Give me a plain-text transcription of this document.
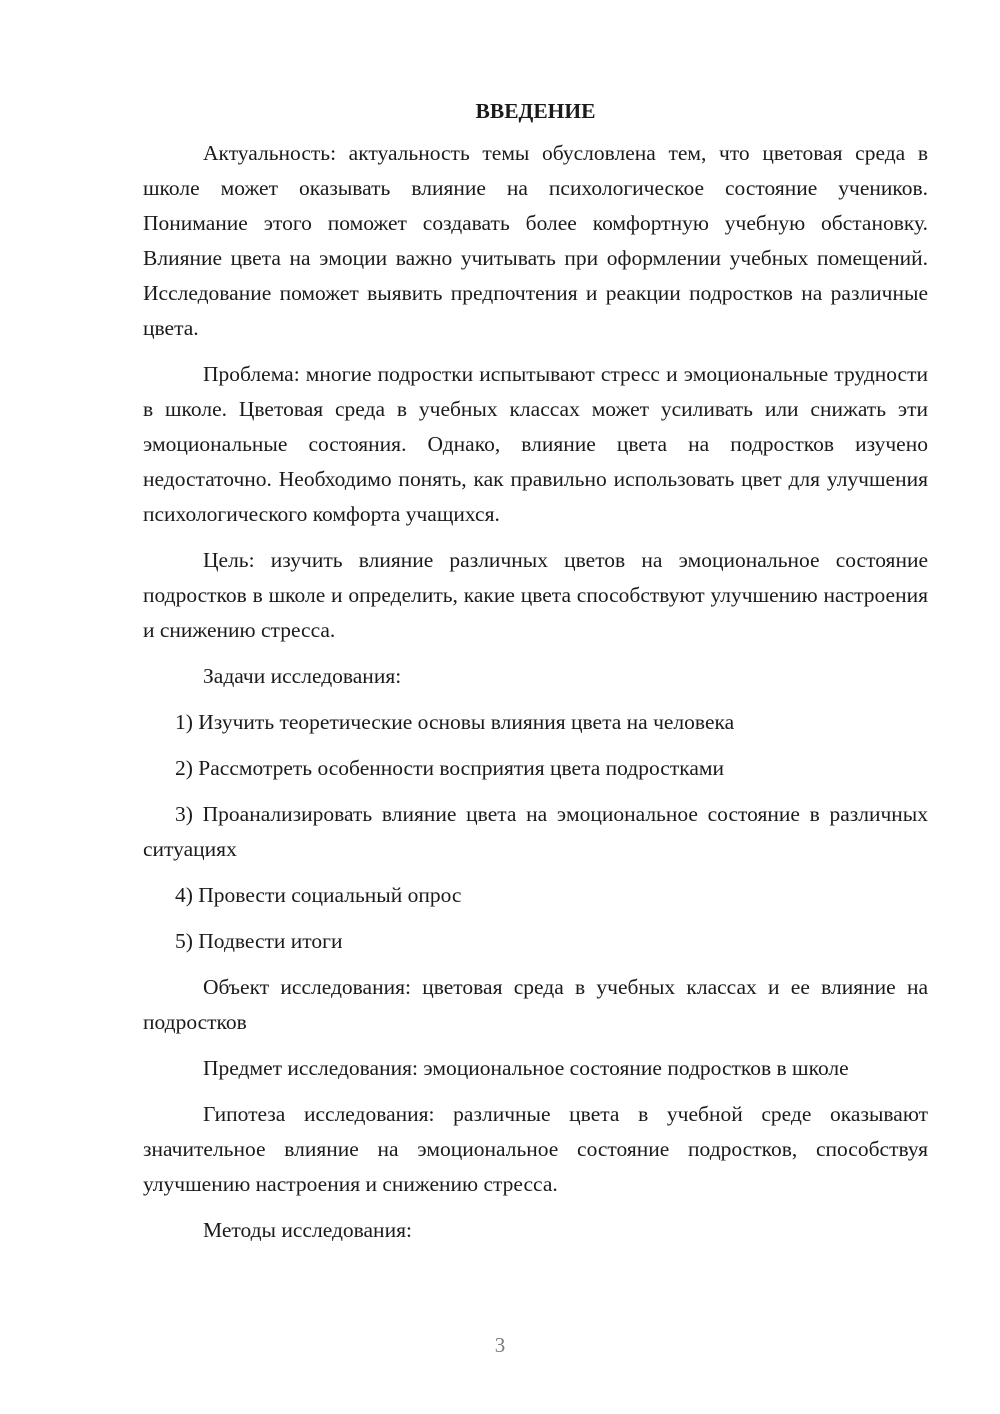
ВВЕДЕНИЕ

Актуальность: актуальность темы обусловлена тем, что цветовая среда в школе может оказывать влияние на психологическое состояние учеников. Понимание этого поможет создавать более комфортную учебную обстановку. Влияние цвета на эмоции важно учитывать при оформлении учебных помещений. Исследование поможет выявить предпочтения и реакции подростков на различные цвета.

Проблема: многие подростки испытывают стресс и эмоциональные трудности в школе. Цветовая среда в учебных классах может усиливать или снижать эти эмоциональные состояния. Однако, влияние цвета на подростков изучено недостаточно. Необходимо понять, как правильно использовать цвет для улучшения психологического комфорта учащихся.

Цель: изучить влияние различных цветов на эмоциональное состояние подростков в школе и определить, какие цвета способствуют улучшению настроения и снижению стресса.

Задачи исследования:

1) Изучить теоретические основы влияния цвета на человека

2) Рассмотреть особенности восприятия цвета подростками

3) Проанализировать влияние цвета на эмоциональное состояние в различных ситуациях

4) Провести социальный опрос

5) Подвести итоги

Объект исследования: цветовая среда в учебных классах и ее влияние на подростков

Предмет исследования: эмоциональное состояние подростков в школе

Гипотеза исследования: различные цвета в учебной среде оказывают значительное влияние на эмоциональное состояние подростков, способствуя улучшению настроения и снижению стресса.

Методы исследования:

3
